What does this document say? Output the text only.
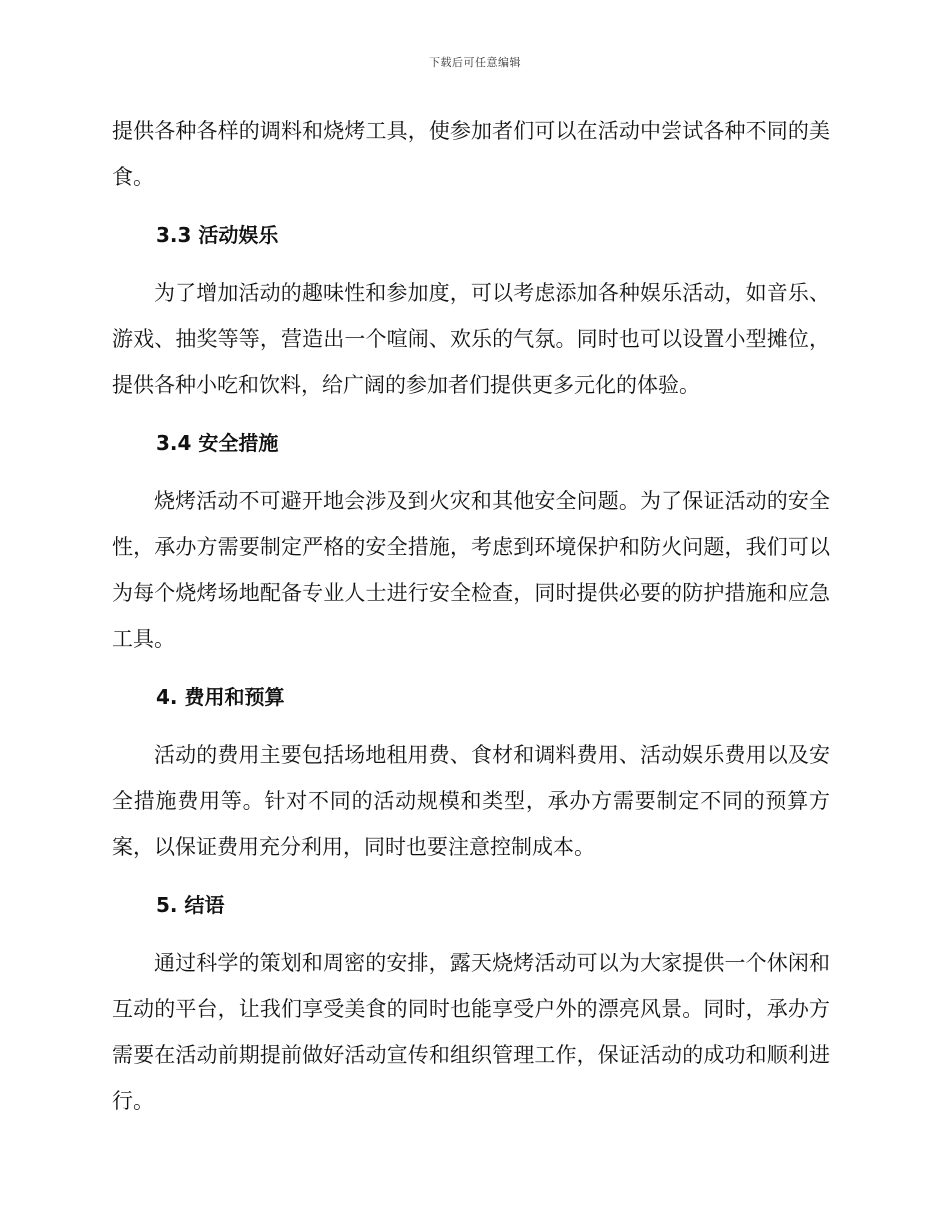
下载后可任意编辑

提供各种各样的调料和烧烤工具，使参加者们可以在活动中尝试各种不同的美食。

3.3 活动娱乐

为了增加活动的趣味性和参加度，可以考虑添加各种娱乐活动，如音乐、游戏、抽奖等等，营造出一个喧闹、欢乐的气氛。同时也可以设置小型摊位，提供各种小吃和饮料，给广阔的参加者们提供更多元化的体验。

3.4 安全措施

烧烤活动不可避开地会涉及到火灾和其他安全问题。为了保证活动的安全性，承办方需要制定严格的安全措施，考虑到环境保护和防火问题，我们可以为每个烧烤场地配备专业人士进行安全检查，同时提供必要的防护措施和应急工具。

4. 费用和预算

活动的费用主要包括场地租用费、食材和调料费用、活动娱乐费用以及安全措施费用等。针对不同的活动规模和类型，承办方需要制定不同的预算方案，以保证费用充分利用，同时也要注意控制成本。

5. 结语

通过科学的策划和周密的安排，露天烧烤活动可以为大家提供一个休闲和互动的平台，让我们享受美食的同时也能享受户外的漂亮风景。同时，承办方需要在活动前期提前做好活动宣传和组织管理工作，保证活动的成功和顺利进行。
